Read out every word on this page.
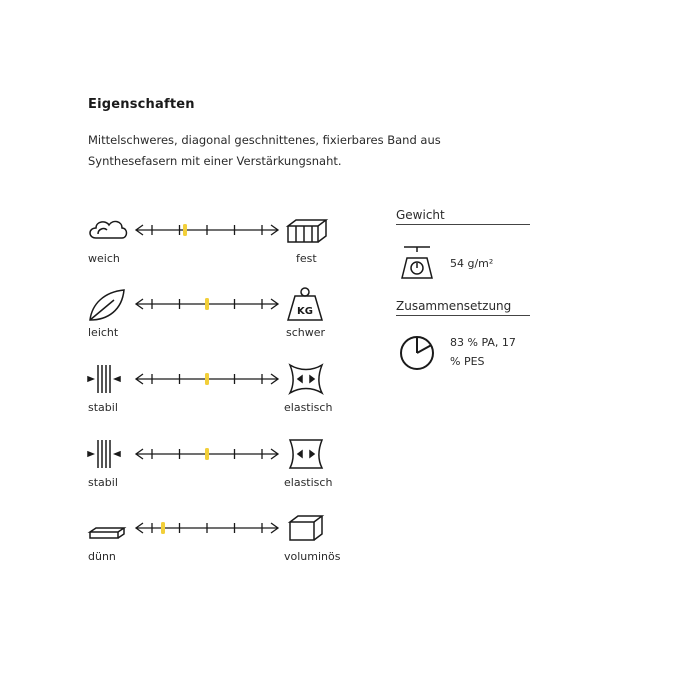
Eigenschaften
Mittelschweres, diagonal geschnittenes, fixierbares Band aus
Synthesefasern mit einer Verstärkungsnaht.
weich	fest
KG
leicht	schwer
stabil	elastisch
stabil	elastisch
dünn	voluminös
Gewicht
54 g/m²
Zusammensetzung
83 % PA, 17
% PES
